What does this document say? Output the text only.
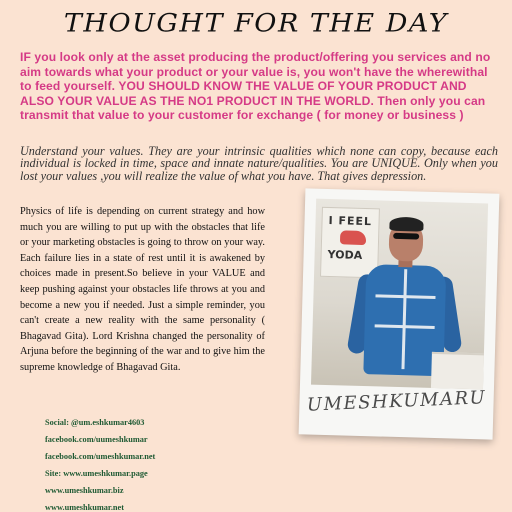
THOUGHT FOR THE DAY
IF you look only at the asset producing the product/offering you services and no aim towards what your product or your value is, you won't have the wherewithal to feed yourself. YOU SHOULD KNOW THE VALUE OF YOUR PRODUCT AND ALSO YOUR VALUE AS THE NO1 PRODUCT IN THE WORLD. Then only you can transmit that value to your customer for exchange ( for money or business )
Understand your values. They are your intrinsic qualities which none can copy, because each individual is locked in time, space and innate nature/qualities. You are UNIQUE. Only when you lost your values ,you will realize the value of what you have. That gives depression.
Physics of life is depending on current strategy and how much you are willing to put up with the obstacles that life or your marketing obstacles is going to throw on your way. Each failure lies in a state of rest until it is awakened by choices made in present.So believe in your VALUE and keep pushing against your obstacles life throws at you and become a new you if needed. Just a simple reminder, you can't create a new reality with the same personality ( Bhagavad Gita). Lord Krishna changed the personality of Arjuna before the beginning of the war and to give him the supreme knowledge of Bhagavad Gita.
Social: @um.eshkumar4603
facebook.com/uumeshkumar
facebook.com/umeshkumar.net
Site: www.umeshkumar.page
www.umeshkumar.biz
www.umeshkumar.net
I FEEL
YODA
UMESHKUMARU
